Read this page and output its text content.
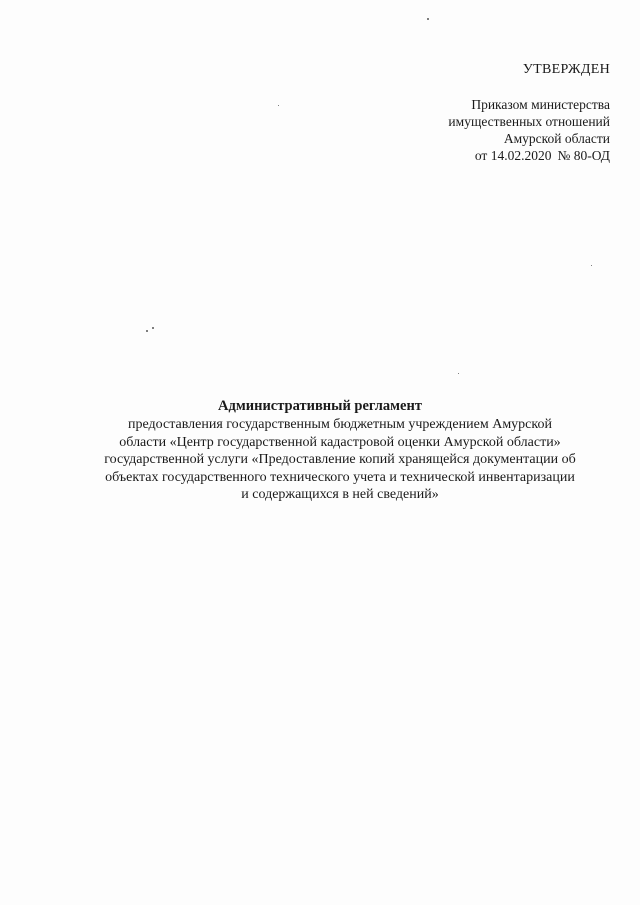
УТВЕРЖДЕН
Приказом министерства
имущественных отношений
Амурской области
от 14.02.2020 № 80-ОД
Административный регламент
предоставления государственным бюджетным учреждением Амурской
области «Центр государственной кадастровой оценки Амурской области»
государственной услуги «Предоставление копий хранящейся документации об
объектах государственного технического учета и технической инвентаризации
и содержащихся в ней сведений»
